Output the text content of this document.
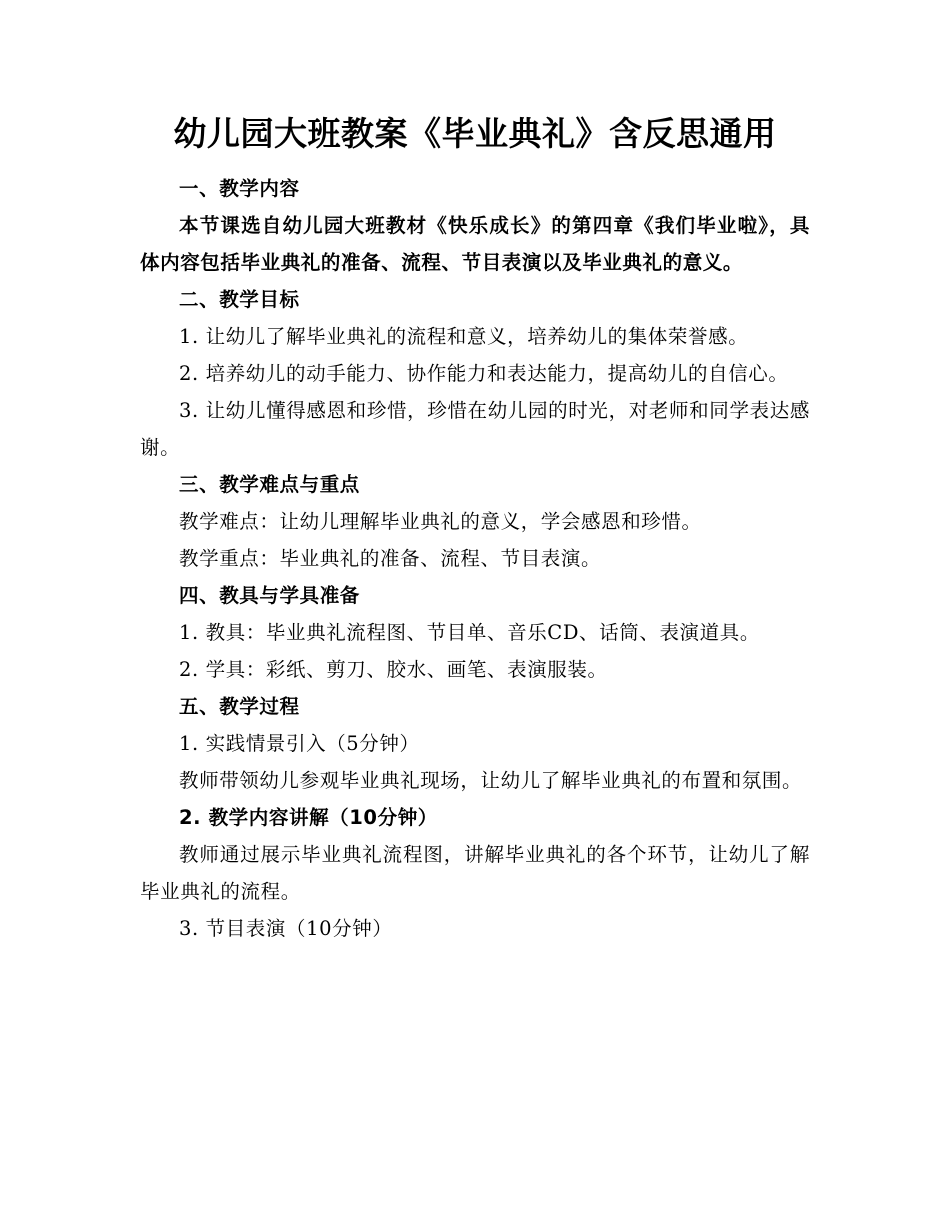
幼儿园大班教案《毕业典礼》含反思通用

一、教学内容

本节课选自幼儿园大班教材《快乐成长》的第四章《我们毕业啦》，具体内容包括毕业典礼的准备、流程、节目表演以及毕业典礼的意义。

二、教学目标

1. 让幼儿了解毕业典礼的流程和意义，培养幼儿的集体荣誉感。

2. 培养幼儿的动手能力、协作能力和表达能力，提高幼儿的自信心。

3. 让幼儿懂得感恩和珍惜，珍惜在幼儿园的时光，对老师和同学表达感谢。

三、教学难点与重点

教学难点：让幼儿理解毕业典礼的意义，学会感恩和珍惜。

教学重点：毕业典礼的准备、流程、节目表演。

四、教具与学具准备

1. 教具：毕业典礼流程图、节目单、音乐CD、话筒、表演道具。

2. 学具：彩纸、剪刀、胶水、画笔、表演服装。

五、教学过程

1. 实践情景引入（5分钟）

教师带领幼儿参观毕业典礼现场，让幼儿了解毕业典礼的布置和氛围。

2. 教学内容讲解（10分钟）

教师通过展示毕业典礼流程图，讲解毕业典礼的各个环节，让幼儿了解毕业典礼的流程。

3. 节目表演（10分钟）
